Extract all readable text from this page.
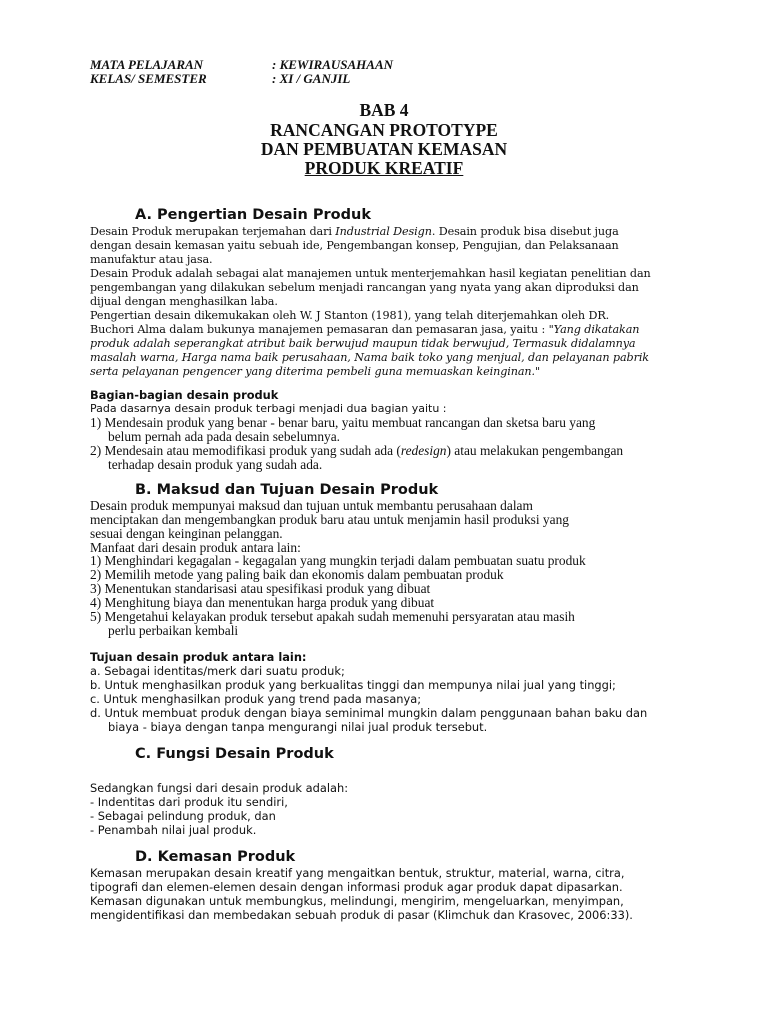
MATA PELAJARAN	: KEWIRAUSAHAAN
KELAS/ SEMESTER	: XI / GANJIL
BAB 4
RANCANGAN PROTOTYPE
DAN PEMBUATAN KEMASAN
PRODUK KREATIF
A. Pengertian Desain Produk
Desain Produk merupakan terjemahan dari Industrial Design. Desain produk bisa disebut juga
dengan desain kemasan yaitu sebuah ide, Pengembangan konsep, Pengujian, dan Pelaksanaan
manufaktur atau jasa.
Desain Produk adalah sebagai alat manajemen untuk menterjemahkan hasil kegiatan penelitian dan
pengembangan yang dilakukan sebelum menjadi rancangan yang nyata yang akan diproduksi dan
dijual dengan menghasilkan laba.
Pengertian desain dikemukakan oleh W. J Stanton (1981), yang telah diterjemahkan oleh DR.
Buchori Alma dalam bukunya manajemen pemasaran dan pemasaran jasa, yaitu : "Yang dikatakan
produk adalah seperangkat atribut baik berwujud maupun tidak berwujud, Termasuk didalamnya
masalah warna, Harga nama baik perusahaan, Nama baik toko yang menjual, dan pelayanan pabrik
serta pelayanan pengencer yang diterima pembeli guna memuaskan keinginan."
Bagian-bagian desain produk
Pada dasarnya desain produk terbagi menjadi dua bagian yaitu :
1) Mendesain produk yang benar - benar baru, yaitu membuat rancangan dan sketsa baru yang
belum pernah ada pada desain sebelumnya.
2) Mendesain atau memodifikasi produk yang sudah ada (redesign) atau melakukan pengembangan
terhadap desain produk yang sudah ada.
B. Maksud dan Tujuan Desain Produk
Desain produk mempunyai maksud dan tujuan untuk membantu perusahaan dalam
menciptakan dan mengembangkan produk baru atau untuk menjamin hasil produksi yang
sesuai dengan keinginan pelanggan.
Manfaat dari desain produk antara lain:
1) Menghindari kegagalan - kegagalan yang mungkin terjadi dalam pembuatan suatu produk
2) Memilih metode yang paling baik dan ekonomis dalam pembuatan produk
3) Menentukan standarisasi atau spesifikasi produk yang dibuat
4) Menghitung biaya dan menentukan harga produk yang dibuat
5) Mengetahui kelayakan produk tersebut apakah sudah memenuhi persyaratan atau masih
perlu perbaikan kembali
Tujuan desain produk antara lain:
a. Sebagai identitas/merk dari suatu produk;
b. Untuk menghasilkan produk yang berkualitas tinggi dan mempunya nilai jual yang tinggi;
c. Untuk menghasilkan produk yang trend pada masanya;
d. Untuk membuat produk dengan biaya seminimal mungkin dalam penggunaan bahan baku dan
biaya - biaya dengan tanpa mengurangi nilai jual produk tersebut.
C. Fungsi Desain Produk
Sedangkan fungsi dari desain produk adalah:
- Indentitas dari produk itu sendiri,
- Sebagai pelindung produk, dan
- Penambah nilai jual produk.
D. Kemasan Produk
Kemasan merupakan desain kreatif yang mengaitkan bentuk, struktur, material, warna, citra,
tipografi dan elemen-elemen desain dengan informasi produk agar produk dapat dipasarkan.
Kemasan digunakan untuk membungkus, melindungi, mengirim, mengeluarkan, menyimpan,
mengidentifikasi dan membedakan sebuah produk di pasar (Klimchuk dan Krasovec, 2006:33).
